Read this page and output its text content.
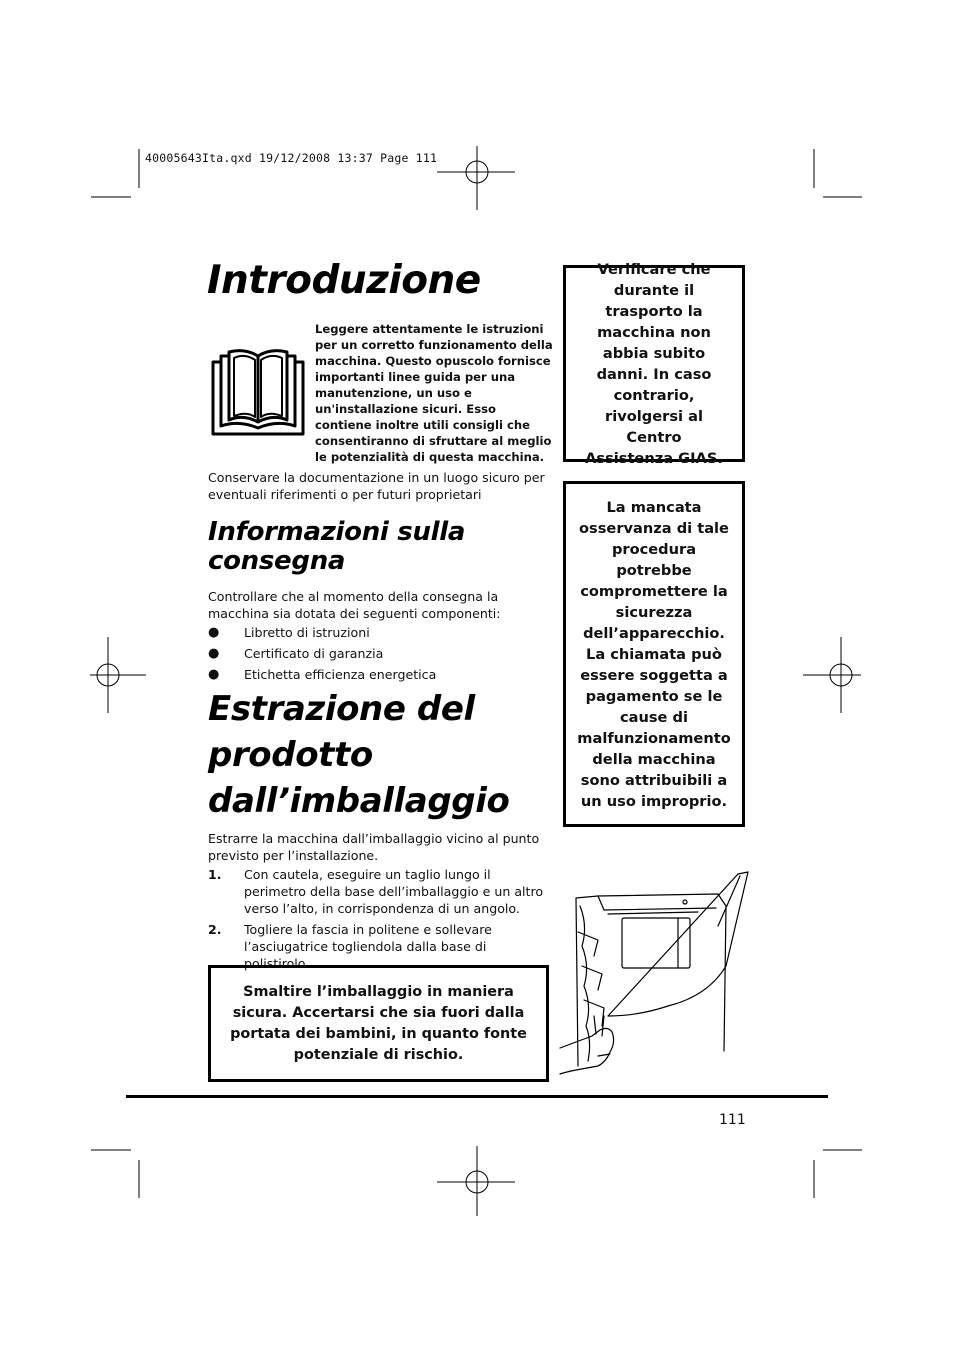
40005643Ita.qxd 19/12/2008 13:37 Page 111
Introduzione
Leggere attentamente le istruzioni per un corretto funzionamento della macchina. Questo opuscolo fornisce importanti linee guida per una manutenzione, un uso e un'installazione sicuri. Esso contiene inoltre utili consigli che consentiranno di sfruttare al meglio le potenzialità di questa macchina.
Conservare la documentazione in un luogo sicuro per eventuali riferimenti o per futuri proprietari
Informazioni sulla consegna
Controllare che al momento della consegna la macchina sia dotata dei seguenti componenti:
●	Libretto di istruzioni
●	Certificato di garanzia
●	Etichetta efficienza energetica
Estrazione del prodotto dall’imballaggio
Estrarre la macchina dall’imballaggio vicino al punto previsto per l’installazione.
1.	Con cautela, eseguire un taglio lungo il perimetro della base dell’imballaggio e un altro verso l’alto, in corrispondenza di un angolo.
2.	Togliere la fascia in politene e sollevare l’asciugatrice togliendola dalla base di polistirolo.
Verificare che durante il trasporto la macchina non abbia subito danni. In caso contrario, rivolgersi al Centro Assistenza GIAS.
La mancata osservanza di tale procedura potrebbe compromettere la sicurezza dell’apparecchio. La chiamata può essere soggetta a pagamento se le cause di malfunzionamento della macchina sono attribuibili a un uso improprio.
Smaltire l’imballaggio in maniera sicura. Accertarsi che sia fuori dalla portata dei bambini, in quanto fonte potenziale di rischio.
111
